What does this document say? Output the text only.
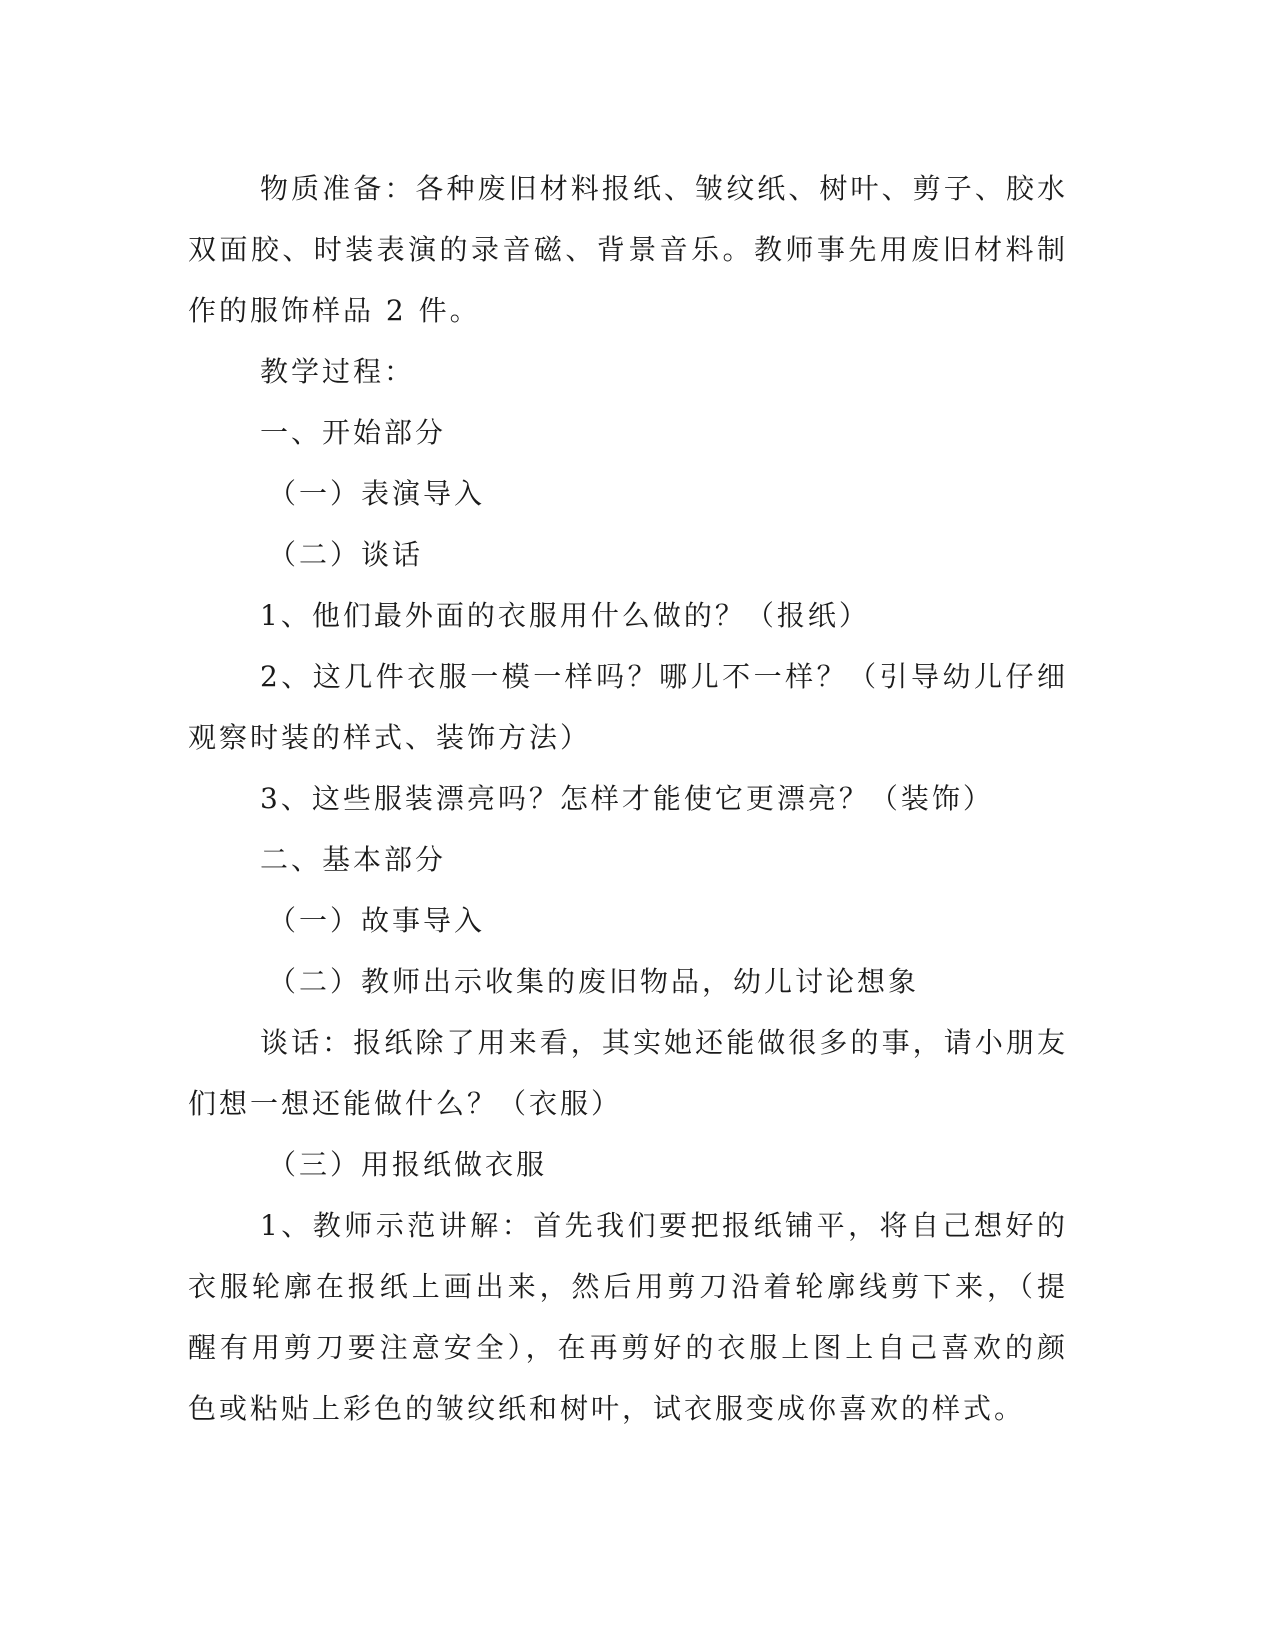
物质准备：各种废旧材料报纸、皱纹纸、树叶、剪子、胶水双面胶、时装表演的录音磁、背景音乐。教师事先用废旧材料制作的服饰样品 2 件。

教学过程：

一、开始部分

（一）表演导入

（二）谈话

1、他们最外面的衣服用什么做的？（报纸）

2、这几件衣服一模一样吗？哪儿不一样？（引导幼儿仔细观察时装的样式、装饰方法）

3、这些服装漂亮吗？怎样才能使它更漂亮？（装饰）

二、基本部分

（一）故事导入

（二）教师出示收集的废旧物品，幼儿讨论想象

谈话：报纸除了用来看，其实她还能做很多的事，请小朋友们想一想还能做什么？（衣服）

（三）用报纸做衣服

1、教师示范讲解：首先我们要把报纸铺平，将自己想好的衣服轮廓在报纸上画出来，然后用剪刀沿着轮廓线剪下来，（提醒有用剪刀要注意安全），在再剪好的衣服上图上自己喜欢的颜色或粘贴上彩色的皱纹纸和树叶，试衣服变成你喜欢的样式。
